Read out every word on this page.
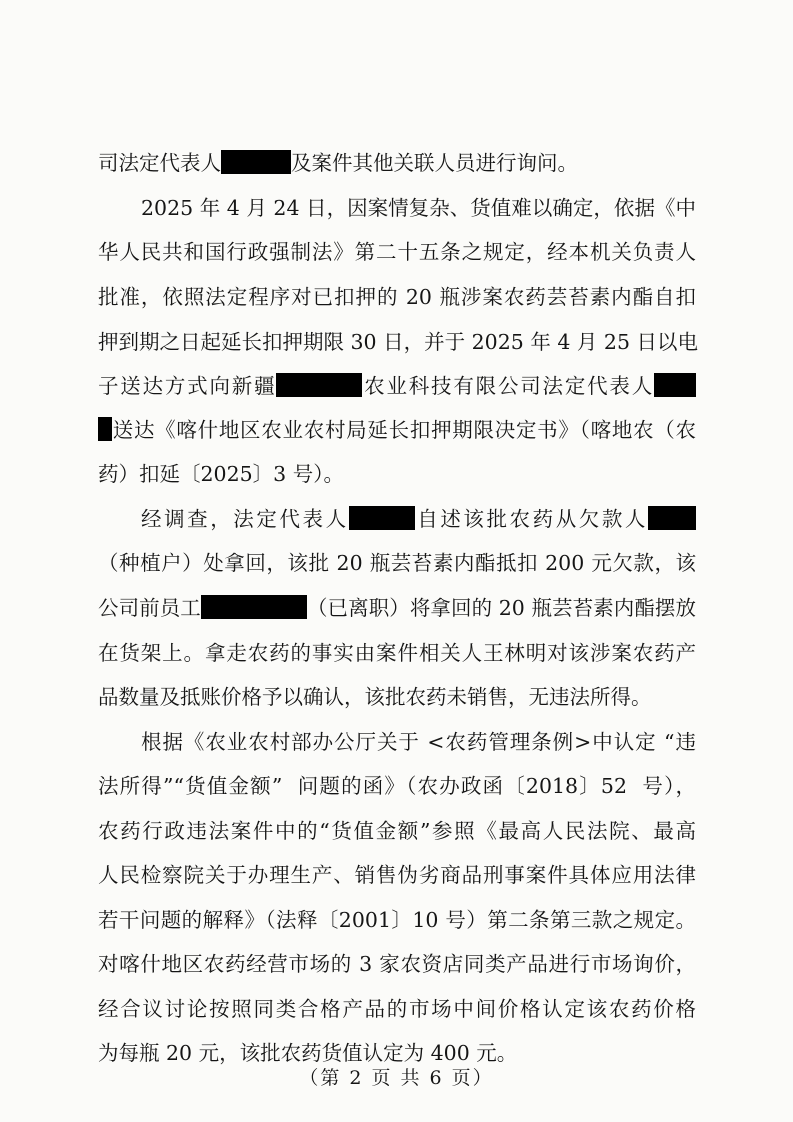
司法定代表人	及案件其他关联人员进行询问。
2025 年 4 月 24 日，因案情复杂、货值难以确定，依据《中
华人民共和国行政强制法》第二十五条之规定，经本机关负责人
批准，依照法定程序对已扣押的 20 瓶涉案农药芸苔素内酯自扣
押到期之日起延长扣押期限 30 日，并于 2025 年 4 月 25 日以电
子送达方式向新疆	农业科技有限公司法定代表人
送达《喀什地区农业农村局延长扣押期限决定书》（喀地农（农
药）扣延〔2025〕3 号）。
经调查，法定代表人	自述该批农药从欠款人
（种植户）处拿回，该批 20 瓶芸苔素内酯抵扣 200 元欠款，该
公司前员工	（已离职）将拿回的 20 瓶芸苔素内酯摆放
在货架上。拿走农药的事实由案件相关人王林明对该涉案农药产
品数量及抵账价格予以确认，该批农药未销售，无违法所得。
根据《农业农村部办公厅关于 <农药管理条例>中认定 “违
法所得”“货值金额”  问题的函》（农办政函〔2018〕52  号），
农药行政违法案件中的“货值金额”参照《最高人民法院、最高
人民检察院关于办理生产、销售伪劣商品刑事案件具体应用法律
若干问题的解释》（法释〔2001〕10 号）第二条第三款之规定。
对喀什地区农药经营市场的 3 家农资店同类产品进行市场询价，
经合议讨论按照同类合格产品的市场中间价格认定该农药价格
为每瓶 20 元，该批农药货值认定为 400 元。
（第 2 页 共 6 页）
